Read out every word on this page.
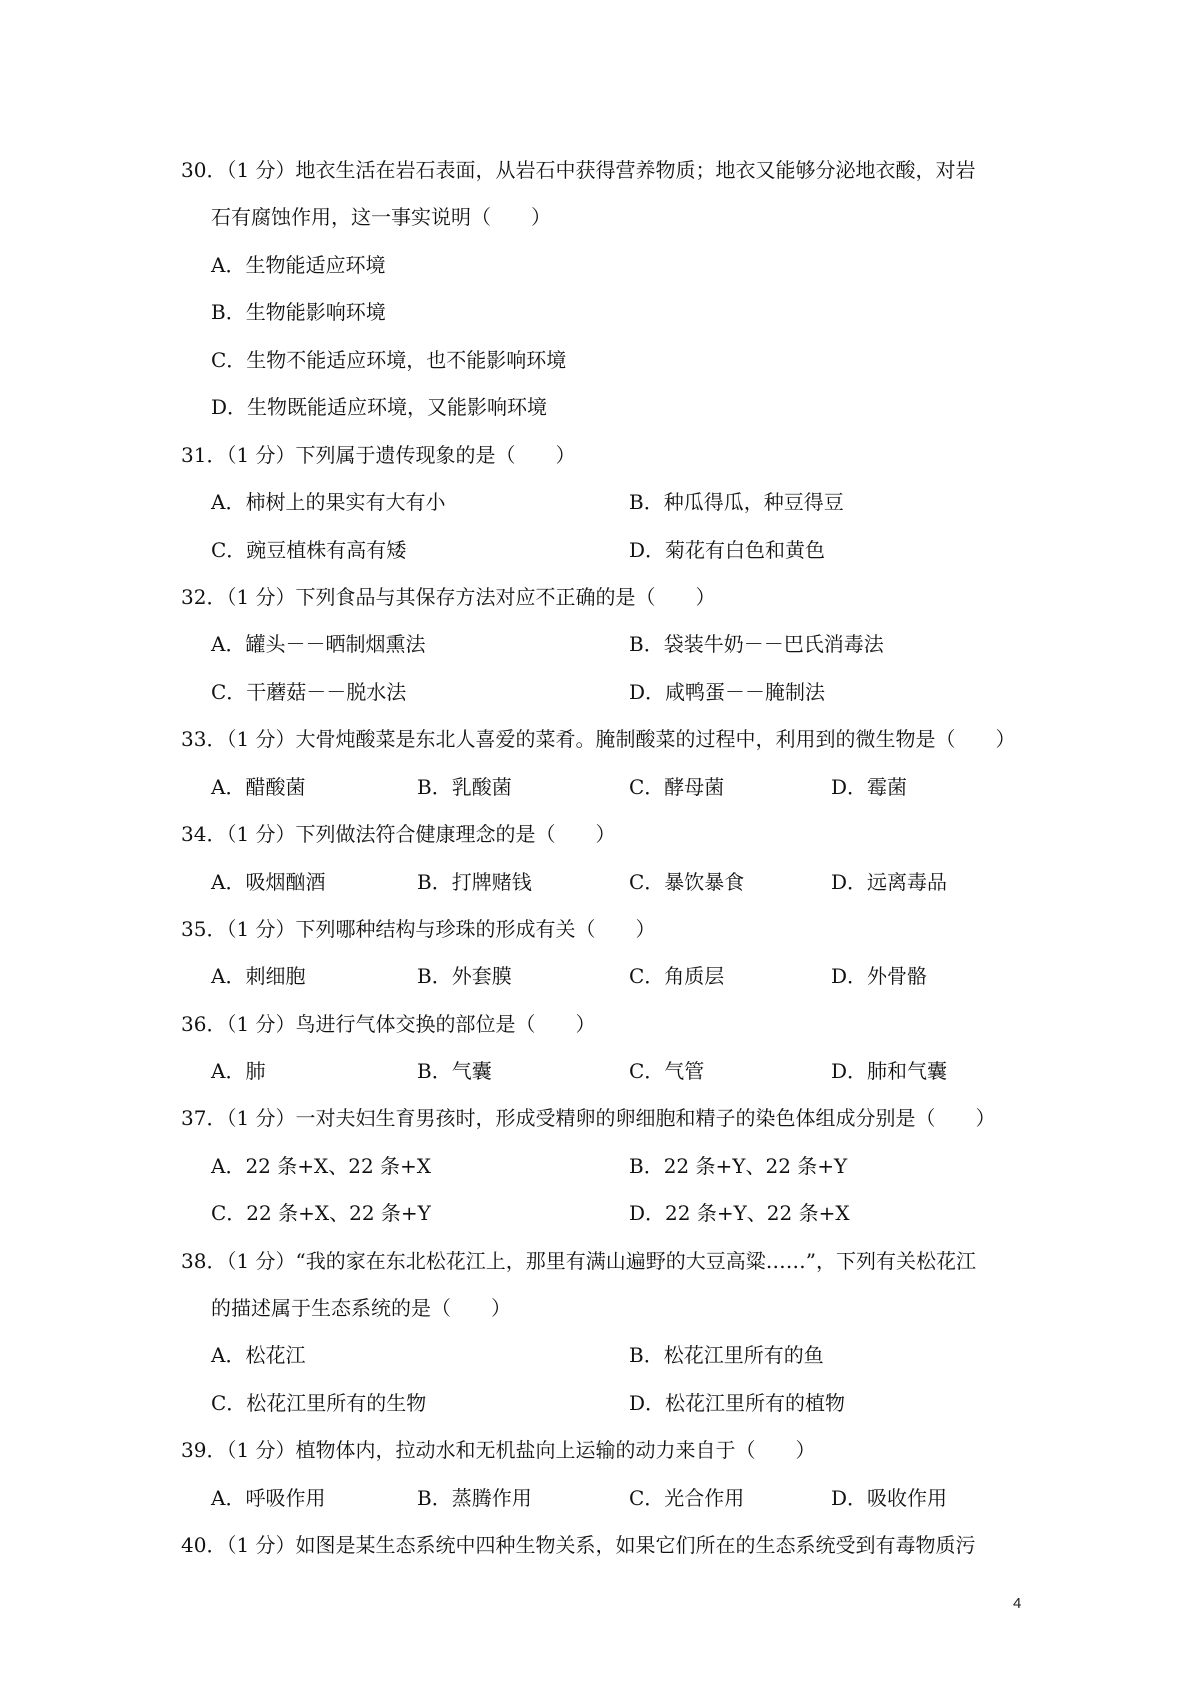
30．（1 分）地衣生活在岩石表面，从岩石中获得营养物质；地衣又能够分泌地衣酸，对岩
石有腐蚀作用，这一事实说明（　　）
A．生物能适应环境
B．生物能影响环境
C．生物不能适应环境，也不能影响环境
D．生物既能适应环境，又能影响环境
31．（1 分）下列属于遗传现象的是（　　）
A．柿树上的果实有大有小	B．种瓜得瓜，种豆得豆
C．豌豆植株有高有矮	D．菊花有白色和黄色
32．（1 分）下列食品与其保存方法对应不正确的是（　　）
A．罐头－－晒制烟熏法	B．袋装牛奶－－巴氏消毒法
C．干蘑菇－－脱水法	D．咸鸭蛋－－腌制法
33．（1 分）大骨炖酸菜是东北人喜爱的菜肴。腌制酸菜的过程中，利用到的微生物是（　　）
A．醋酸菌	B．乳酸菌	C．酵母菌	D．霉菌
34．（1 分）下列做法符合健康理念的是（　　）
A．吸烟酗酒	B．打牌赌钱	C．暴饮暴食	D．远离毒品
35．（1 分）下列哪种结构与珍珠的形成有关（　　）
A．刺细胞	B．外套膜	C．角质层	D．外骨骼
36．（1 分）鸟进行气体交换的部位是（　　）
A．肺	B．气囊	C．气管	D．肺和气囊
37．（1 分）一对夫妇生育男孩时，形成受精卵的卵细胞和精子的染色体组成分别是（　　）
A．22 条+X、22 条+X	B．22 条+Y、22 条+Y
C．22 条+X、22 条+Y	D．22 条+Y、22 条+X
38．（1 分）“我的家在东北松花江上，那里有满山遍野的大豆高粱……”，下列有关松花江
的描述属于生态系统的是（　　）
A．松花江	B．松花江里所有的鱼
C．松花江里所有的生物	D．松花江里所有的植物
39．（1 分）植物体内，拉动水和无机盐向上运输的动力来自于（　　）
A．呼吸作用	B．蒸腾作用	C．光合作用	D．吸收作用
40．（1 分）如图是某生态系统中四种生物关系，如果它们所在的生态系统受到有毒物质污
4
